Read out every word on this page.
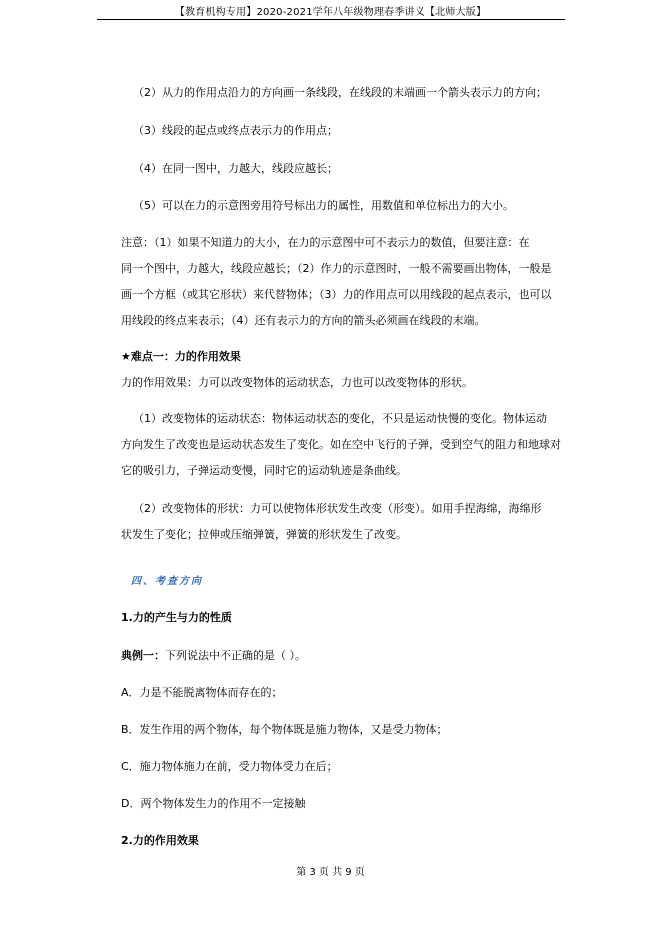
【教育机构专用】2020-2021学年八年级物理春季讲义【北师大版】
（2）从力的作用点沿力的方向画一条线段，在线段的末端画一个箭头表示力的方向；
（3）线段的起点或终点表示力的作用点；
（4）在同一图中，力越大，线段应越长；
（5）可以在力的示意图旁用符号标出力的属性，用数值和单位标出力的大小。
注意：（1）如果不知道力的大小，在力的示意图中可不表示力的数值，但要注意：在
同一个图中，力越大，线段应越长；（2）作力的示意图时，一般不需要画出物体，一般是
画一个方框（或其它形状）来代替物体；（3）力的作用点可以用线段的起点表示，也可以
用线段的终点来表示；（4）还有表示力的方向的箭头必须画在线段的末端。
★难点一：力的作用效果
力的作用效果：力可以改变物体的运动状态，力也可以改变物体的形状。
（1）改变物体的运动状态：物体运动状态的变化，不只是运动快慢的变化。物体运动
方向发生了改变也是运动状态发生了变化。如在空中飞行的子弹，受到空气的阻力和地球对
它的吸引力，子弹运动变慢，同时它的运动轨迹是条曲线。
（2）改变物体的形状：力可以使物体形状发生改变（形变）。如用手捏海绵，海绵形
状发生了变化；拉伸或压缩弹簧，弹簧的形状发生了改变。
四、考查方向
1.力的产生与力的性质
典例一：下列说法中不正确的是（ ）。
A．力是不能脱离物体而存在的；
B．发生作用的两个物体，每个物体既是施力物体，又是受力物体；
C．施力物体施力在前，受力物体受力在后；
D．两个物体发生力的作用不一定接触
2.力的作用效果
第 3 页 共 9 页
